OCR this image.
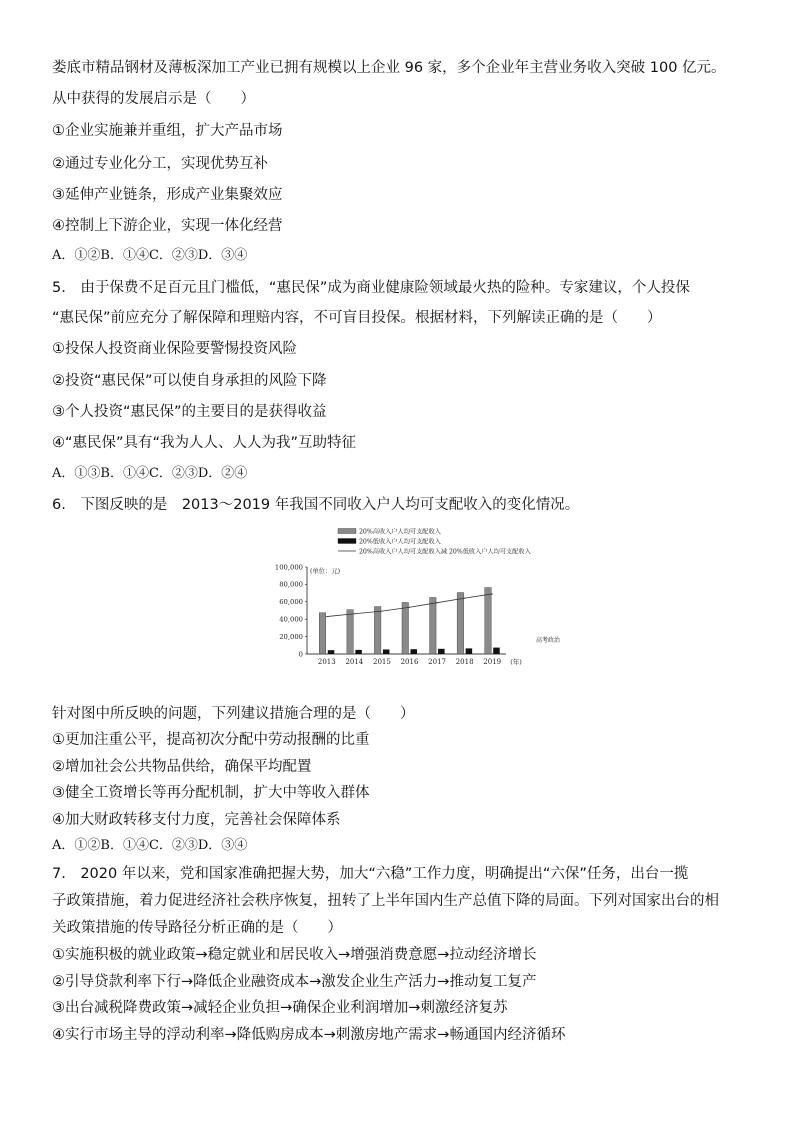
娄底市精品钢材及薄板深加工产业已拥有规模以上企业 96 家，多个企业年主营业务收入突破 100 亿元。
从中获得的发展启示是（　　）
①企业实施兼并重组，扩大产品市场
②通过专业化分工，实现优势互补
③延伸产业链条，形成产业集聚效应
④控制上下游企业，实现一体化经营
A．①②B．①④C．②③D．③④
5.　由于保费不足百元且门槛低，“惠民保”成为商业健康险领域最火热的险种。专家建议，个人投保
“惠民保”前应充分了解保障和理赔内容，不可盲目投保。根据材料，下列解读正确的是（　　）
①投保人投资商业保险要警惕投资风险
②投资“惠民保”可以使自身承担的风险下降
③个人投资“惠民保”的主要目的是获得收益
④“惠民保”具有“我为人人、人人为我”互助特征
A．①③B．①④C．②③D．②④
6.　下图反映的是　2013～2019 年我国不同收入户人均可支配收入的变化情况。
针对图中所反映的问题，下列建议措施合理的是（　　）
①更加注重公平，提高初次分配中劳动报酬的比重
②增加社会公共物品供给，确保平均配置
③健全工资增长等再分配机制，扩大中等收入群体
④加大财政转移支付力度，完善社会保障体系
A．①②B．①④C．②③D．③④
7.　2020 年以来，党和国家准确把握大势，加大“六稳”工作力度，明确提出“六保”任务，出台一揽
子政策措施，着力促进经济社会秩序恢复，扭转了上半年国内生产总值下降的局面。下列对国家出台的相
关政策措施的传导路径分析正确的是（　　）
①实施积极的就业政策→稳定就业和居民收入→增强消费意愿→拉动经济增长
②引导贷款利率下行→降低企业融资成本→激发企业生产活力→推动复工复产
③出台减税降费政策→减轻企业负担→确保企业利润增加→刺激经济复苏
④实行市场主导的浮动利率→降低购房成本→刺激房地产需求→畅通国内经济循环
20%高收入户人均可支配收入
20%低收入户人均可支配收入
20%高收入户人均可支配收入减 20%低收入户人均可支配收入
0
20,000
40,000
60,000
80,000
100,000
(单位：元)
2013 2014 2015 2016 2017 2018 2019 (年)
高考政治
